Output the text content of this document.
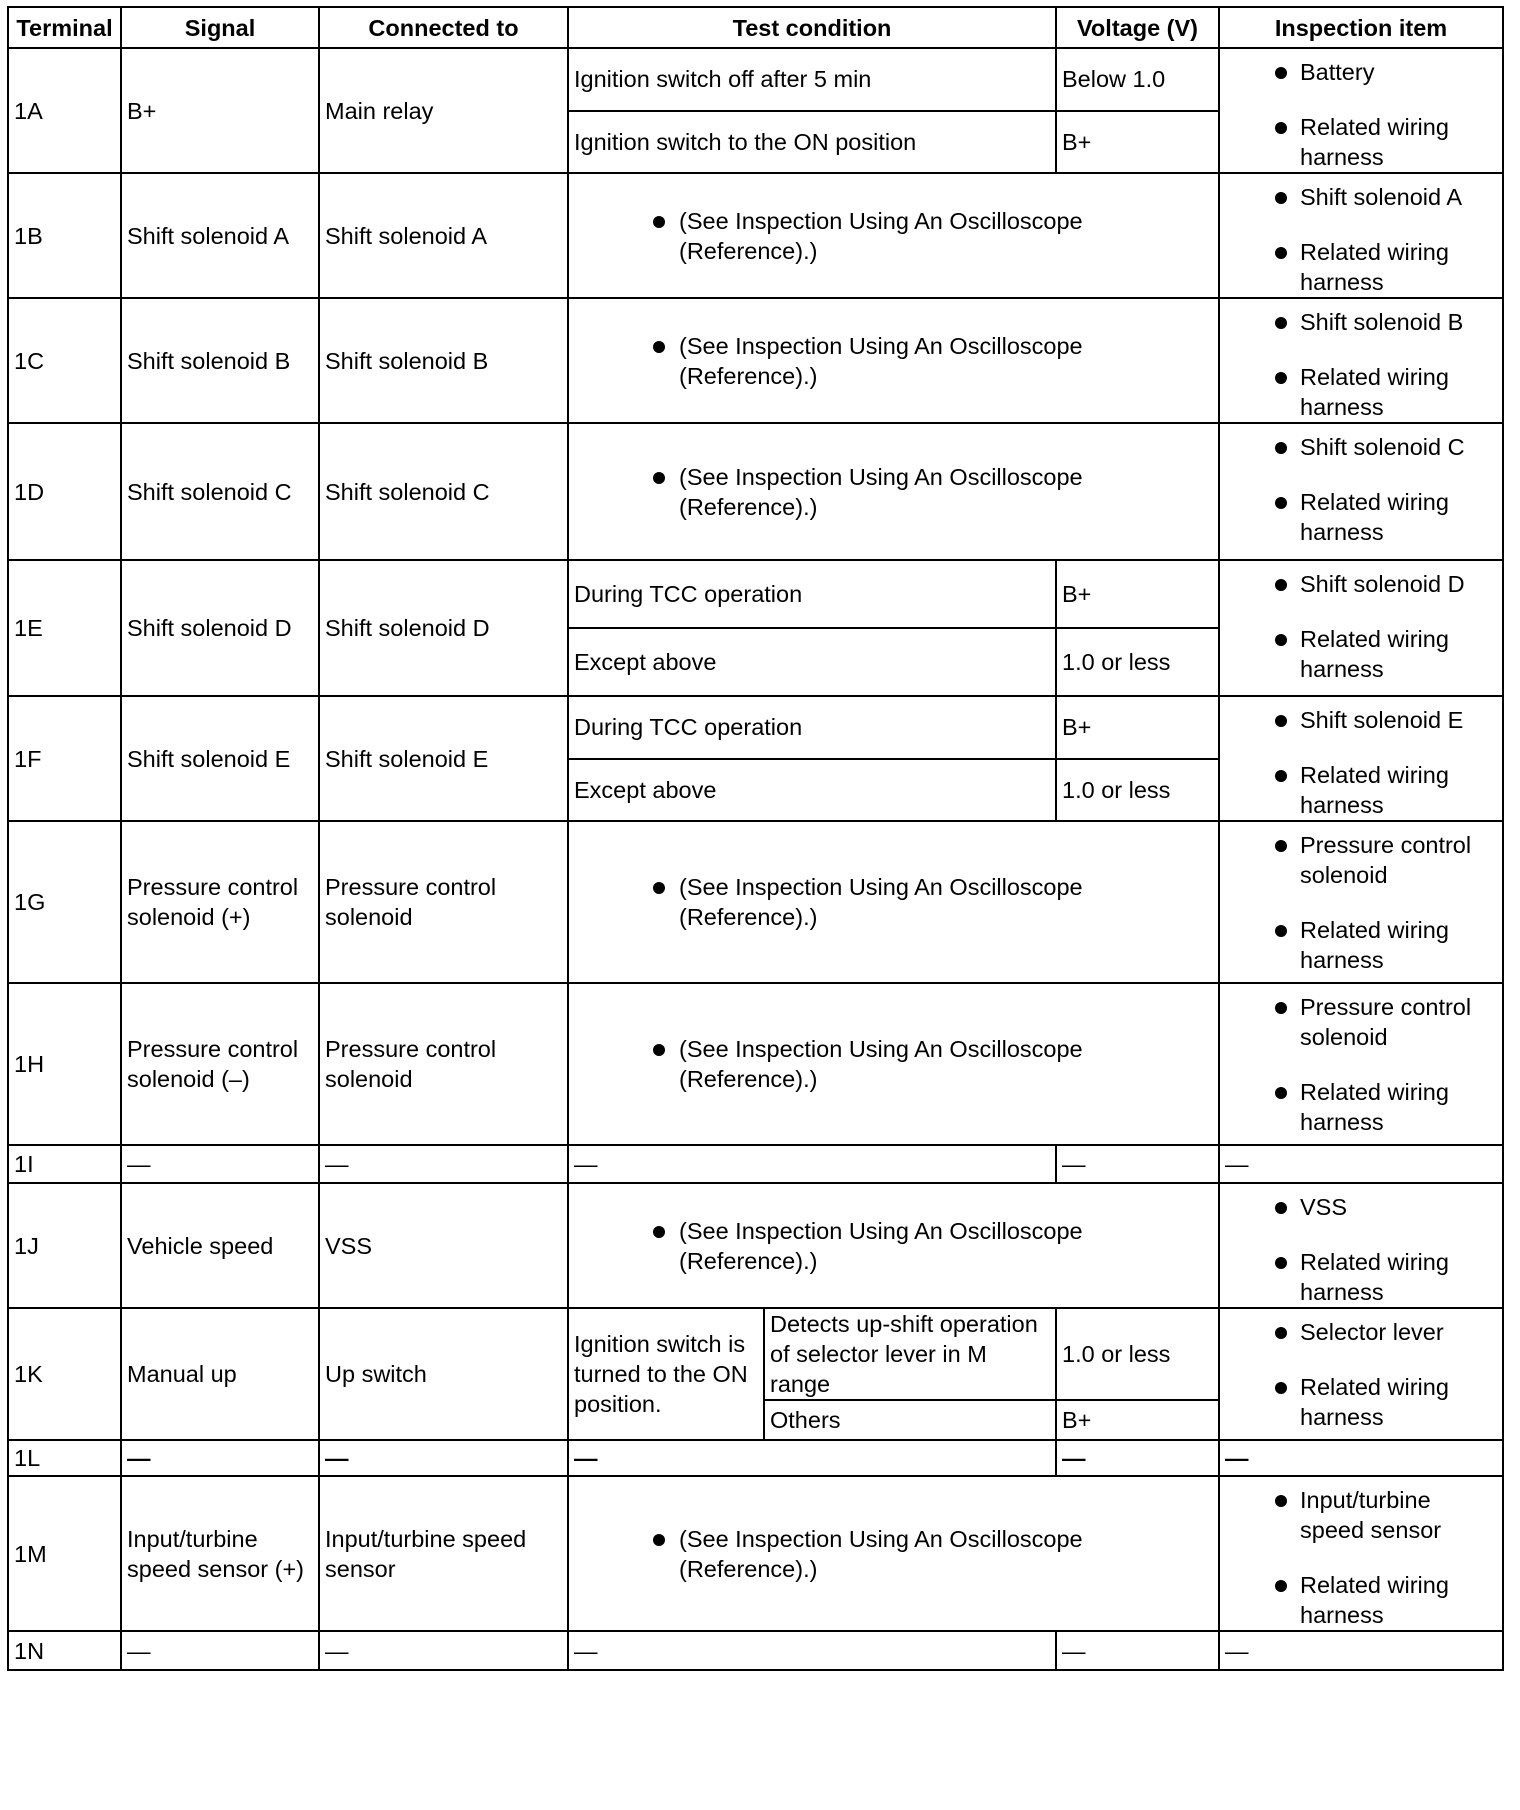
Terminal	Signal	Connected to	Test condition		Voltage (V)	Inspection item
1A	B+	Main relay	Ignition switch off after 5 min		Below 1.0	Battery
Related wiring harness

			Ignition switch to the ON position		B+	
1B	Shift solenoid A	Shift solenoid A	(See Inspection Using An Oscilloscope (Reference).)			Shift solenoid A
Related wiring harness

1C	Shift solenoid B	Shift solenoid B	(See Inspection Using An Oscilloscope (Reference).)			Shift solenoid B
Related wiring harness

1D	Shift solenoid C	Shift solenoid C	(See Inspection Using An Oscilloscope (Reference).)			Shift solenoid C
Related wiring harness

1E	Shift solenoid D	Shift solenoid D	During TCC operation		B+	Shift solenoid D
Related wiring harness

			Except above		1.0 or less	
1F	Shift solenoid E	Shift solenoid E	During TCC operation		B+	Shift solenoid E
Related wiring harness

			Except above		1.0 or less	
1G	Pressure control solenoid (+)	Pressure control solenoid	(See Inspection Using An Oscilloscope (Reference).)			Pressure control solenoid
Related wiring harness

1H	Pressure control solenoid (–)	Pressure control solenoid	(See Inspection Using An Oscilloscope (Reference).)			Pressure control solenoid
Related wiring harness

1I	—	—	—		—	—
1J	Vehicle speed	VSS	(See Inspection Using An Oscilloscope (Reference).)			VSS
Related wiring harness

1K	Manual up	Up switch	Ignition switch is turned to the ON position.	Detects up-shift operation of selector lever in M range	1.0 or less	Selector lever
Related wiring harness

				Others	B+	
1L	—	—	—		—	—
1M	Input/turbine speed sensor (+)	Input/turbine speed sensor	(See Inspection Using An Oscilloscope (Reference).)			Input/turbine speed sensor
Related wiring harness

1N	—	—	—		—	—
